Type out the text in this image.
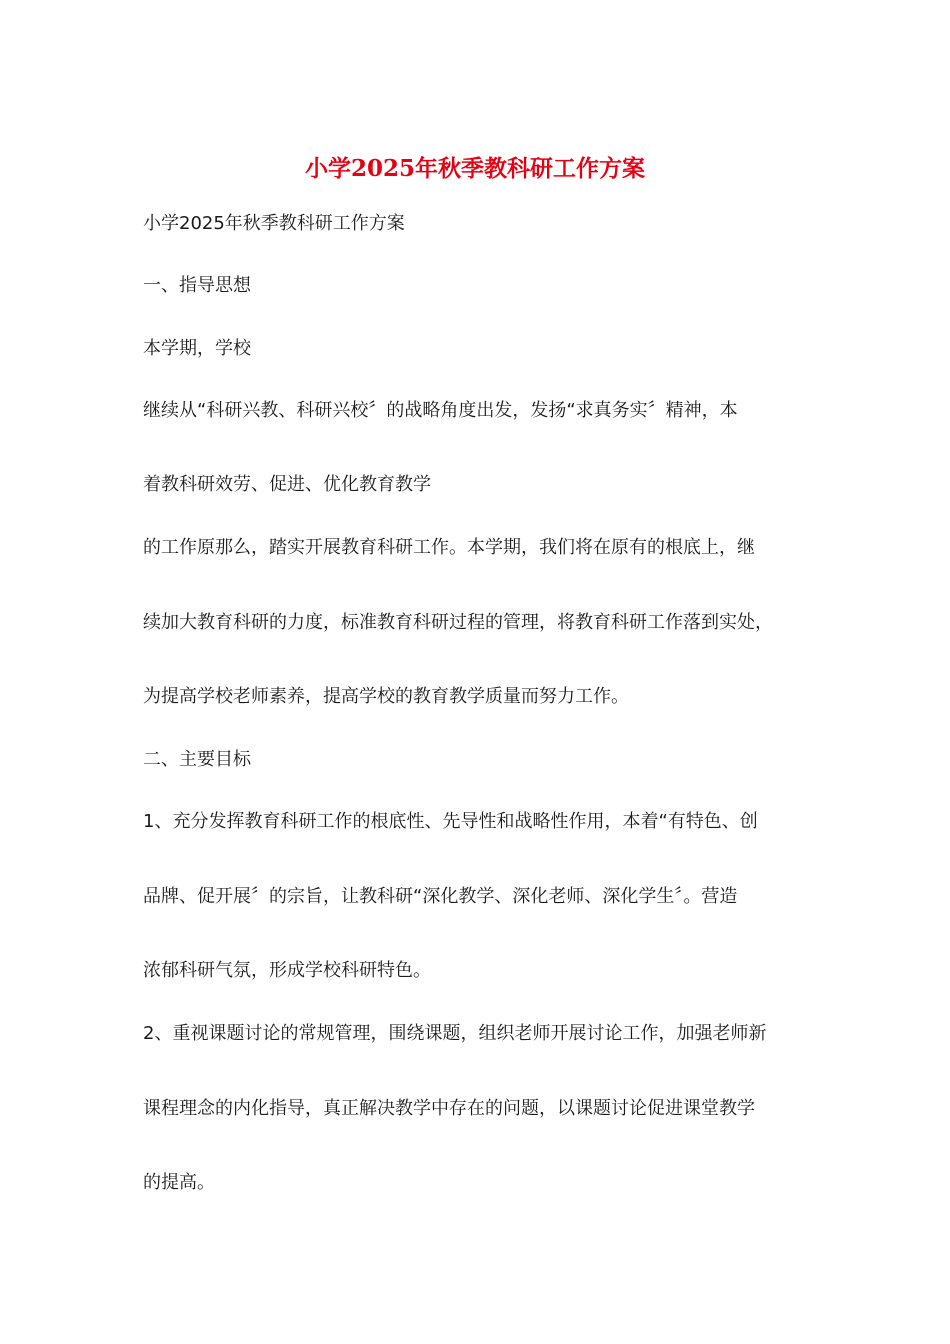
小学2025年秋季教科研工作方案
小学2025年秋季教科研工作方案
一、指导思想
本学期，学校
继续从“科研兴教、科研兴校〞的战略角度出发，发扬“求真务实〞精神，本
着教科研效劳、促进、优化教育教学
的工作原那么，踏实开展教育科研工作。本学期，我们将在原有的根底上，继
续加大教育科研的力度，标准教育科研过程的管理，将教育科研工作落到实处，
为提高学校老师素养，提高学校的教育教学质量而努力工作。
二、主要目标
1、充分发挥教育科研工作的根底性、先导性和战略性作用，本着“有特色、创
品牌、促开展〞的宗旨，让教科研“深化教学、深化老师、深化学生〞。营造
浓郁科研气氛，形成学校科研特色。
2、重视课题讨论的常规管理，围绕课题，组织老师开展讨论工作，加强老师新
课程理念的内化指导，真正解决教学中存在的问题，以课题讨论促进课堂教学
的提高。
